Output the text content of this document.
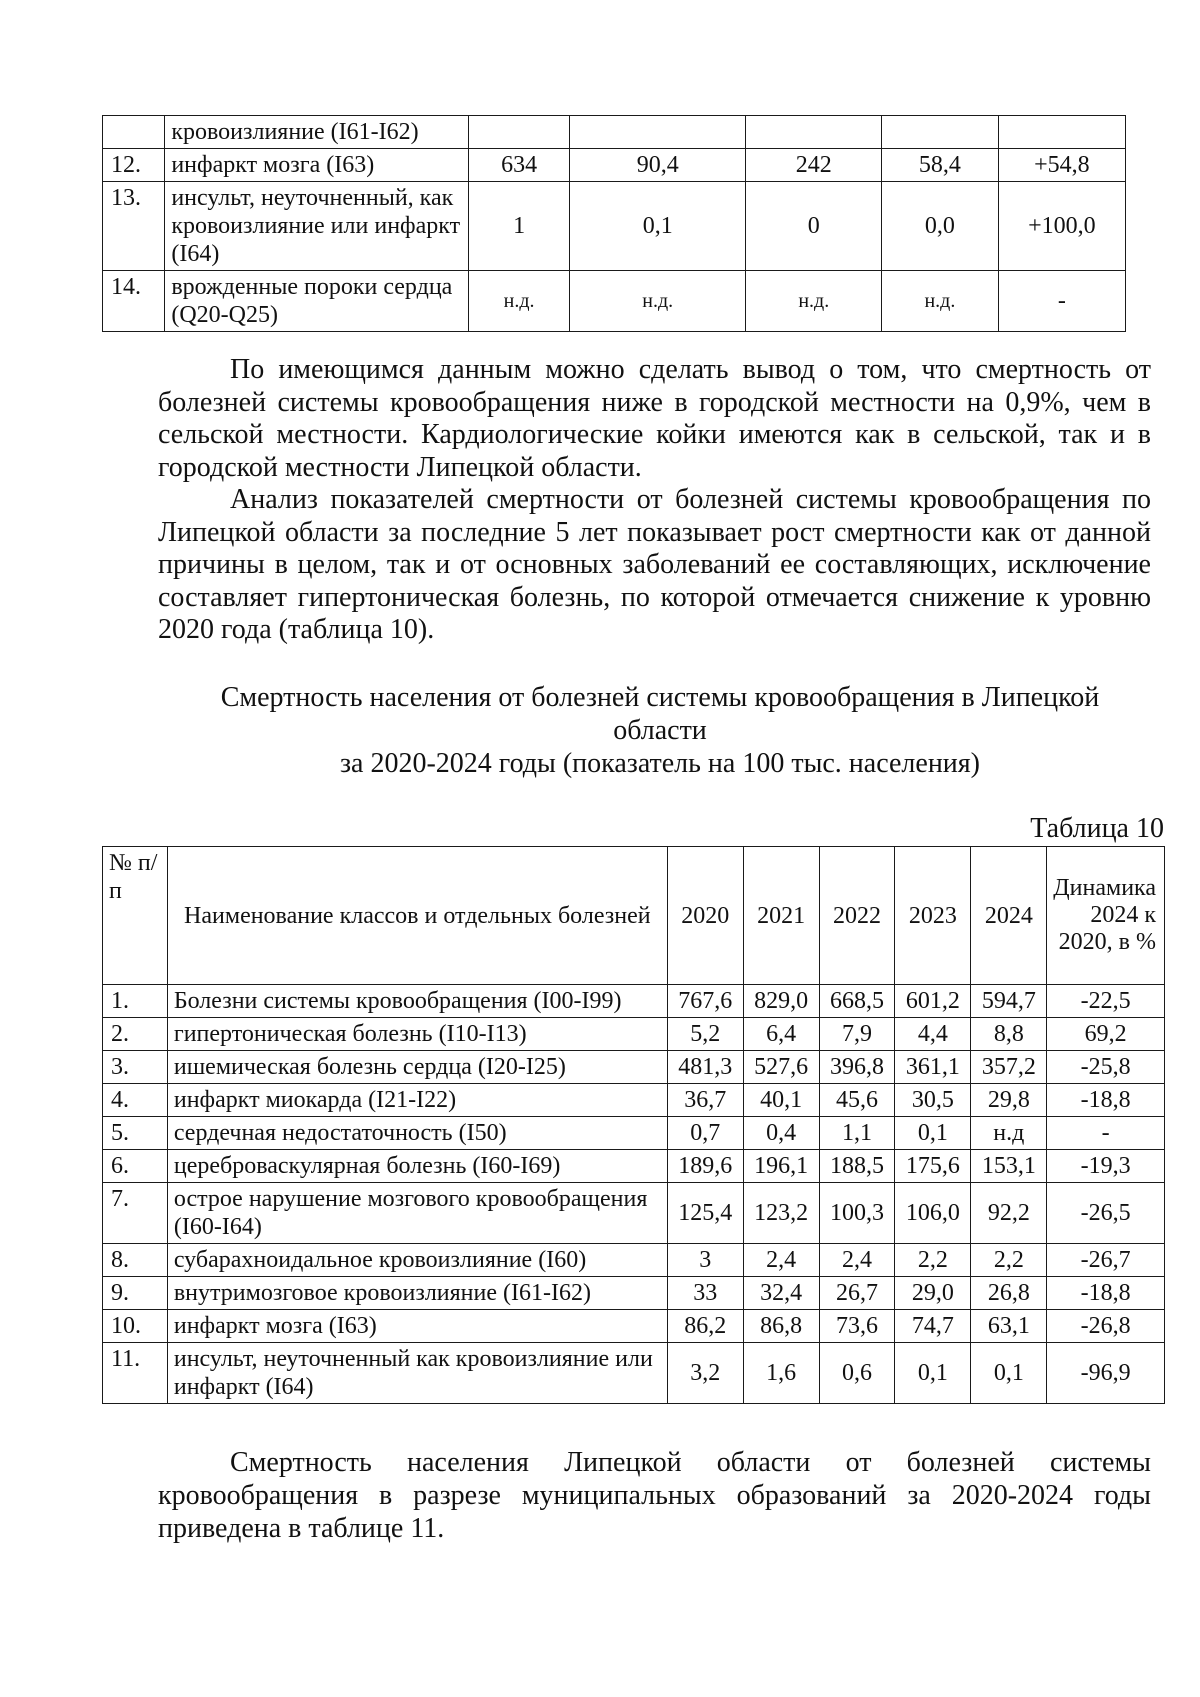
	кровоизлияние (I61-I62)					
12.	инфаркт мозга (I63)	634	90,4	242	58,4	+54,8
13.	инсульт, неуточненный, как кровоизлияние или инфаркт (I64)	1	0,1	0	0,0	+100,0
14.	врожденные пороки сердца (Q20-Q25)	н.д.	н.д.	н.д.	н.д.	-

По имеющимся данным можно сделать вывод о том, что смертность от болезней системы кровообращения ниже в городской местности на 0,9%, чем в сельской местности. Кардиологические койки имеются как в сельской, так и в городской местности Липецкой области.

Анализ показателей смертности от болезней системы кровообращения по Липецкой области за последние 5 лет показывает рост смертности как от данной причины в целом, так и от основных заболеваний ее составляющих, исключение составляет гипертоническая болезнь, по которой отмечается снижение к уровню 2020 года (таблица 10).

Смертность населения от болезней системы кровообращения в Липецкой
области
за 2020-2024 годы (показатель на 100 тыс. населения)
Таблица 10
№ п/п	Наименование классов и отдельных болезней	2020	2021	2022	2023	2024	Динамика 2024 к 2020, в %
1.	Болезни системы кровообращения (I00-I99)	767,6	829,0	668,5	601,2	594,7	-22,5
2.	гипертоническая болезнь (I10-I13)	5,2	6,4	7,9	4,4	8,8	69,2
3.	ишемическая болезнь сердца (I20-I25)	481,3	527,6	396,8	361,1	357,2	-25,8
4.	инфаркт миокарда (I21-I22)	36,7	40,1	45,6	30,5	29,8	-18,8
5.	сердечная недостаточность (I50)	0,7	0,4	1,1	0,1	н.д	-
6.	цереброваскулярная болезнь (I60-I69)	189,6	196,1	188,5	175,6	153,1	-19,3
7.	острое нарушение мозгового кровообращения (I60-I64)	125,4	123,2	100,3	106,0	92,2	-26,5
8.	субарахноидальное кровоизлияние (I60)	3	2,4	2,4	2,2	2,2	-26,7
9.	внутримозговое кровоизлияние (I61-I62)	33	32,4	26,7	29,0	26,8	-18,8
10.	инфаркт мозга (I63)	86,2	86,8	73,6	74,7	63,1	-26,8
11.	инсульт, неуточненный как кровоизлияние или инфаркт (I64)	3,2	1,6	0,6	0,1	0,1	-96,9

Смертность населения Липецкой области от болезней системы кровообращения в разрезе муниципальных образований за 2020-2024 годы приведена в таблице 11.
